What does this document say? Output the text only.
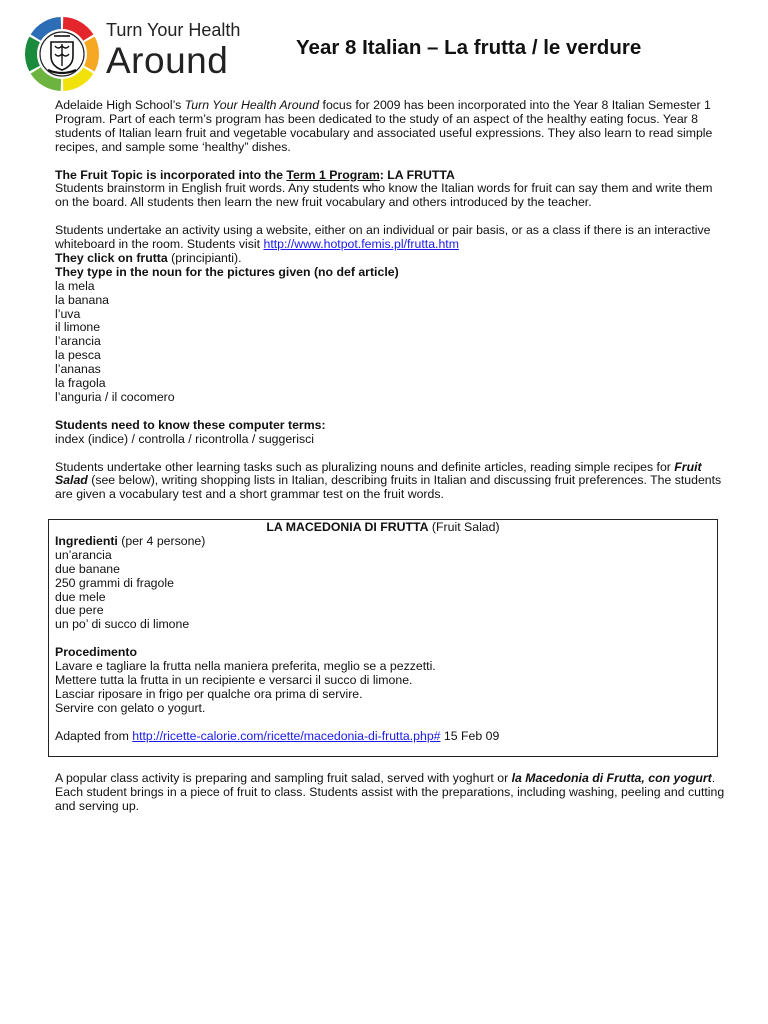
Turn Your Health
Around	Year 8 Italian – La frutta / le verdure

Adelaide High School’s Turn Your Health Around focus for 2009 has been incorporated into the Year 8 Italian Semester 1 Program. Part of each term’s program has been dedicated to the study of an aspect of the healthy eating focus. Year 8 students of Italian learn fruit and vegetable vocabulary and associated useful expressions. They also learn to read simple recipes, and sample some ‘healthy” dishes.

The Fruit Topic is incorporated into the Term 1 Program: LA FRUTTA

Students brainstorm in English fruit words. Any students who know the Italian words for fruit can say them and write them on the board. All students then learn the new fruit vocabulary and others introduced by the teacher.

Students undertake an activity using a website, either on an individual or pair basis, or as a class if there is an interactive whiteboard in the room. Students visit http://www.hotpot.femis.pl/frutta.htm

They click on frutta (principianti).

They type in the noun for the pictures given (no def article)

la mela

la banana

l’uva

il limone

l’arancia

la pesca

l’ananas

la fragola

l’anguria / il cocomero

Students need to know these computer terms:

index (indice) / controlla / ricontrolla / suggerisci

Students undertake other learning tasks such as pluralizing nouns and definite articles, reading simple recipes for Fruit Salad (see below), writing shopping lists in Italian, describing fruits in Italian and discussing fruit preferences. The students are given a vocabulary test and a short grammar test on the fruit words.

LA MACEDONIA DI FRUTTA (Fruit Salad)

Ingredienti (per 4 persone)

un’arancia

due banane

250 grammi di fragole

due mele

due pere

un po’ di succo di limone

Procedimento

Lavare e tagliare la frutta nella maniera preferita, meglio se a pezzetti.

Mettere tutta la frutta in un recipiente e versarci il succo di limone.

Lasciar riposare in frigo per qualche ora prima di servire.

Servire con gelato o yogurt.

Adapted from http://ricette-calorie.com/ricette/macedonia-di-frutta.php# 15 Feb 09

A popular class activity is preparing and sampling fruit salad, served with yoghurt or la Macedonia di Frutta, con yogurt. Each student brings in a piece of fruit to class. Students assist with the preparations, including washing, peeling and cutting and serving up.
